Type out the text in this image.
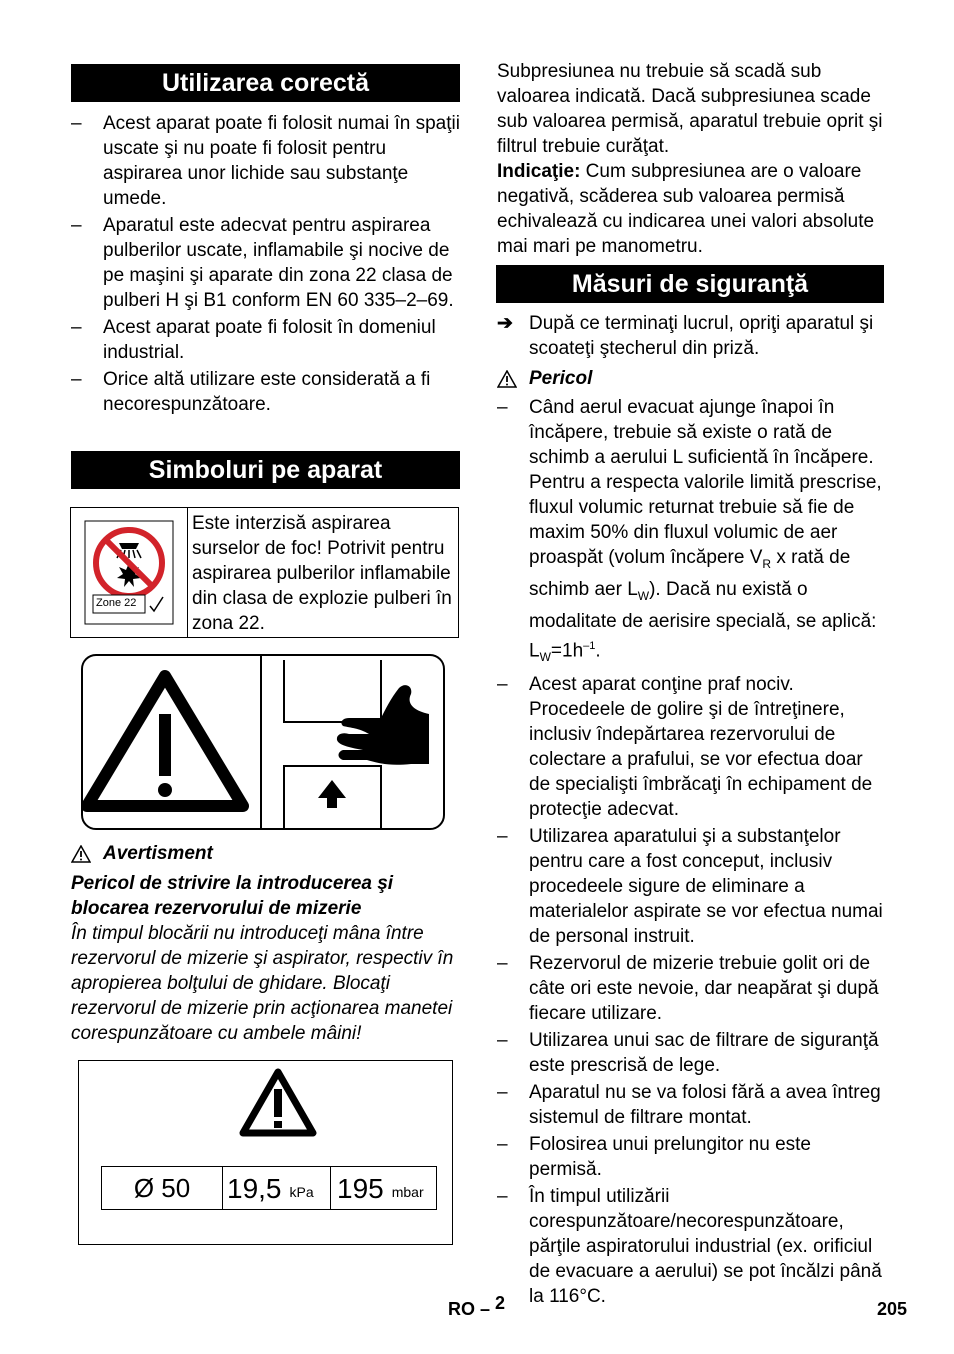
Utilizarea corectă
– Acest aparat poate fi folosit numai în spaţii uscate şi nu poate fi folosit pentru aspirarea unor lichide sau substanţe umede.
– Aparatul este adecvat pentru aspirarea pulberilor uscate, inflamabile şi nocive de pe maşini şi aparate din zona 22 clasa de pulberi H şi B1 conform EN 60 335–2–69.
– Acest aparat poate fi folosit în domeniul industrial.
– Orice altă utilizare este considerată a fi necorespunzătoare.
Simboluri pe aparat
Zone 22
Este interzisă aspirarea surselor de foc! Potrivit pentru aspirarea pulberilor inflamabile din clasa de explozie pulberi în zona 22.
Avertisment
Pericol de strivire la introducerea şi blocarea rezervorului de mizerie
În timpul blocării nu introduceţi mâna între rezervorul de mizerie şi aspirator, respectiv în apropierea bolţului de ghidare. Blocaţi rezervorul de mizerie prin acţionarea manetei corespunzătoare cu ambele mâini!
Ø 50 19,5 kPa 195 mbar
Subpresiunea nu trebuie să scadă sub valoarea indicată. Dacă subpresiunea scade sub valoarea permisă, aparatul trebuie oprit şi filtrul trebuie curăţat.
Indicaţie: Cum subpresiunea are o valoare negativă, scăderea sub valoarea permisă echivalează cu indicarea unei valori absolute mai mari pe manometru.
Măsuri de siguranţă
➔ După ce terminaţi lucrul, opriţi aparatul şi scoateţi ştecherul din priză.
Pericol
– Când aerul evacuat ajunge înapoi în încăpere, trebuie să existe o rată de schimb a aerului L suficientă în încăpere. Pentru a respecta valorile limită prescrise, fluxul volumic returnat trebuie să fie de maxim 50% din fluxul volumic de aer proaspăt (volum încăpere $V_R$ x rată de schimb aer $L_W$). Dacă nu există o modalitate de aerisire specială, se aplică: $L_W=1h^{-1}$.
– Acest aparat conţine praf nociv. Procedeele de golire şi de întreţinere, inclusiv îndepărtarea rezervorului de colectare a prafului, se vor efectua doar de specialişti îmbrăcaţi în echipament de protecţie adecvat.
– Utilizarea aparatului şi a substanţelor pentru care a fost conceput, inclusiv procedeele sigure de eliminare a materialelor aspirate se vor efectua numai de personal instruit.
– Rezervorul de mizerie trebuie golit ori de câte ori este nevoie, dar neapărat şi după fiecare utilizare.
– Utilizarea unui sac de filtrare de siguranţă este prescrisă de lege.
– Aparatul nu se va folosi fără a avea întreg sistemul de filtrare montat.
– Folosirea unui prelungitor nu este permisă.
– În timpul utilizării corespunzătoare/necorespunzătoare, părţile aspiratorului industrial (ex. orificiul de evacuare a aerului) se pot încălzi până la 116°C.
RO – 2	205
